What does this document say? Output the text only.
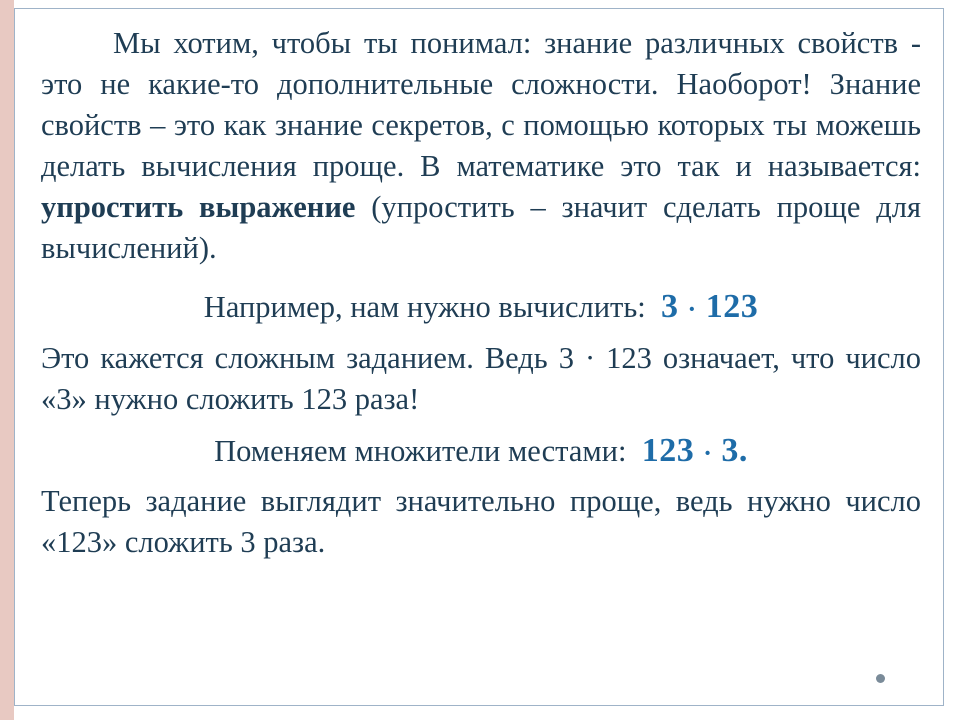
Мы хотим, чтобы ты понимал: знание различных свойств - это не какие-то дополнительные сложности. Наоборот! Знание свойств – это как знание секретов, с помощью которых ты можешь делать вычисления проще. В математике это так и называется: упростить выражение (упростить – значит сделать проще для вычислений).

Например, нам нужно вычислить: 3 · 123

Это кажется сложным заданием. Ведь 3 · 123 означает, что число «3» нужно сложить 123 раза!

Поменяем множители местами: 123 · 3.

Теперь задание выглядит значительно проще, ведь нужно число «123» сложить 3 раза.
